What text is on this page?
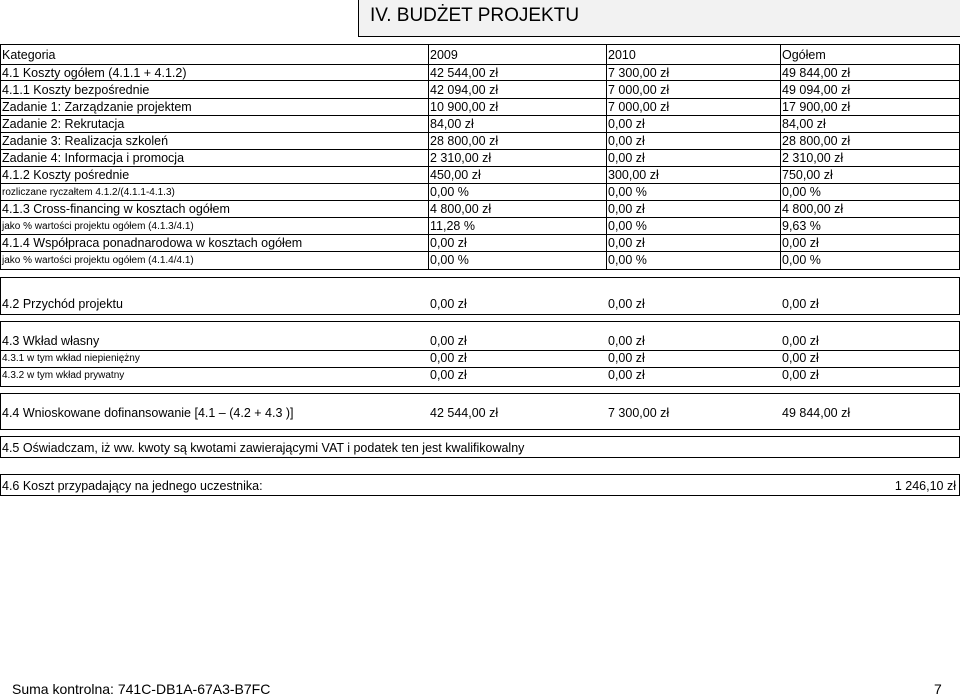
IV. BUDŻET PROJEKTU
Kategoria	2009	2010	Ogółem
4.1 Koszty ogółem (4.1.1 + 4.1.2)	42 544,00 zł	7 300,00 zł	49 844,00 zł
4.1.1 Koszty bezpośrednie	42 094,00 zł	7 000,00 zł	49 094,00 zł
Zadanie 1: Zarządzanie projektem	10 900,00 zł	7 000,00 zł	17 900,00 zł
Zadanie 2: Rekrutacja	84,00 zł	0,00 zł	84,00 zł
Zadanie 3: Realizacja szkoleń	28 800,00 zł	0,00 zł	28 800,00 zł
Zadanie 4: Informacja i promocja	2 310,00 zł	0,00 zł	2 310,00 zł
4.1.2 Koszty pośrednie	450,00 zł	300,00 zł	750,00 zł
rozliczane ryczałtem 4.1.2/(4.1.1-4.1.3)	0,00 %	0,00 %	0,00 %
4.1.3 Cross-financing w kosztach ogółem	4 800,00 zł	0,00 zł	4 800,00 zł
jako % wartości projektu ogółem (4.1.3/4.1)	11,28 %	0,00 %	9,63 %
4.1.4 Współpraca ponadnarodowa w kosztach ogółem	0,00 zł	0,00 zł	0,00 zł
jako % wartości projektu ogółem (4.1.4/4.1)	0,00 %	0,00 %	0,00 %
4.2 Przychód projektu	0,00 zł	0,00 zł	0,00 zł
4.3 Wkład własny	0,00 zł	0,00 zł	0,00 zł
4.3.1 w tym wkład niepieniężny	0,00 zł	0,00 zł	0,00 zł
4.3.2 w tym wkład prywatny	0,00 zł	0,00 zł	0,00 zł
4.4 Wnioskowane dofinansowanie [4.1 – (4.2 + 4.3 )]	42 544,00 zł	7 300,00 zł	49 844,00 zł
4.5 Oświadczam, iż ww. kwoty są kwotami zawierającymi VAT i podatek ten jest kwalifikowalny
4.6 Koszt przypadający na jednego uczestnika:	1 246,10 zł
Suma kontrolna: 741C-DB1A-67A3-B7FC	7
